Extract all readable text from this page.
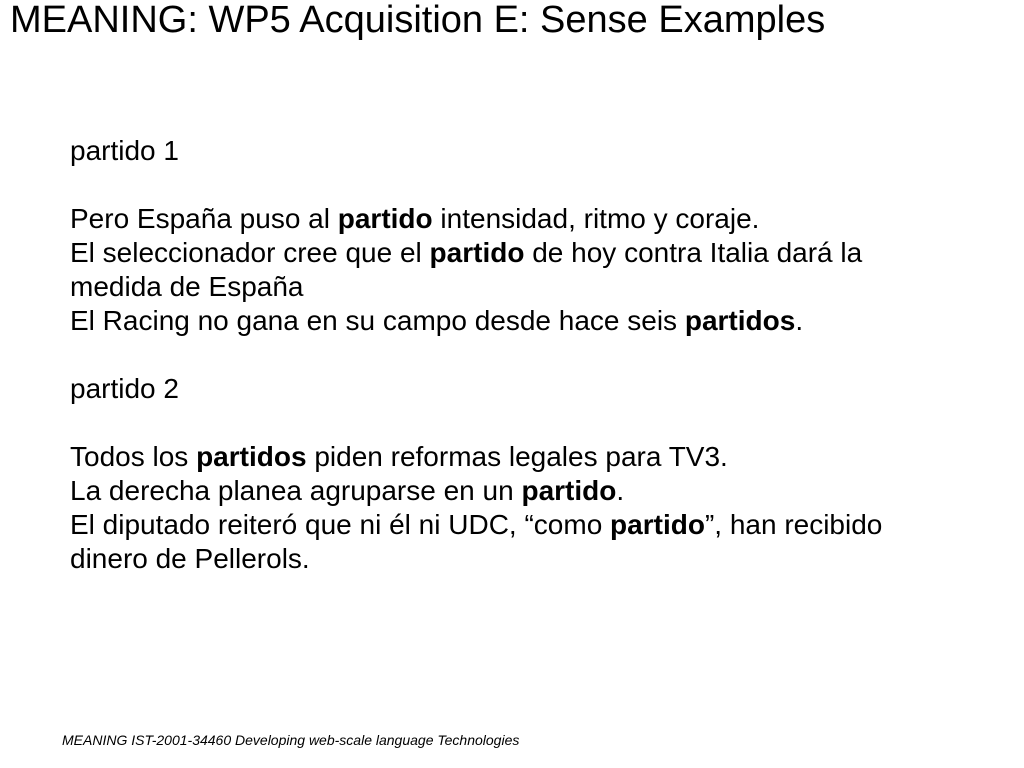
MEANING: WP5 Acquisition E: Sense Examples
partido 1
Pero España puso al partido intensidad, ritmo y coraje.
El seleccionador cree que el partido de hoy contra Italia dará la medida de España
El Racing no gana en su campo desde hace seis partidos.
partido 2
Todos los partidos piden reformas legales para TV3.
La derecha planea agruparse en un partido.
El diputado reiteró que ni él ni UDC, “como partido”, han recibido dinero de Pellerols.
MEANING IST-2001-34460 Developing web-scale language Technologies
